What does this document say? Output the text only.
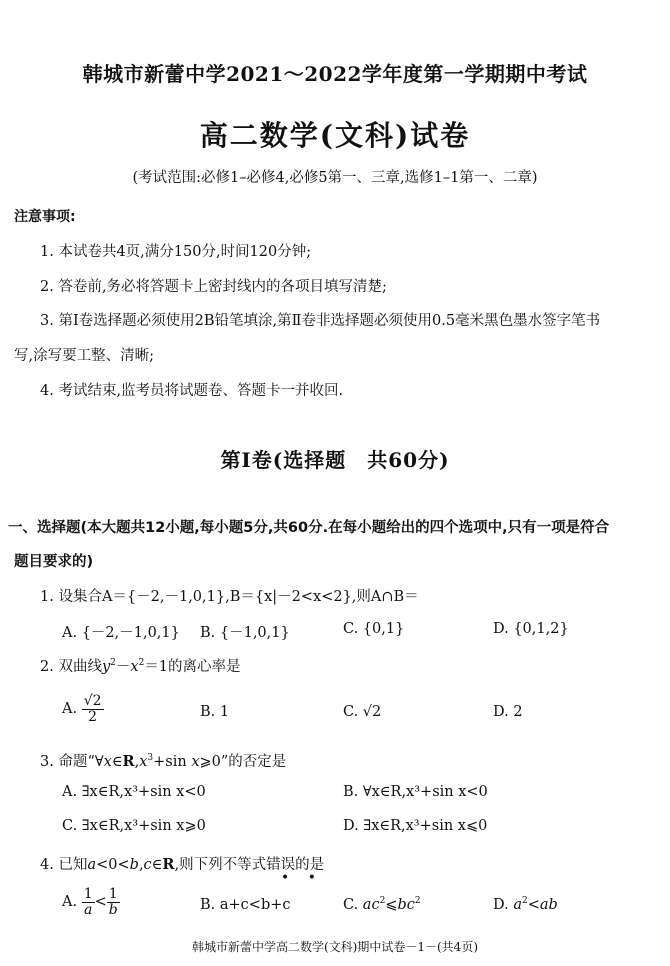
韩城市新蕾中学2021～2022学年度第一学期期中考试
高二数学(文科)试卷
(考试范围:必修1–必修4,必修5第一、三章,选修1–1第一、二章)
注意事项:
1. 本试卷共4页,满分150分,时间120分钟;
2. 答卷前,务必将答题卡上密封线内的各项目填写清楚;
3. 第Ⅰ卷选择题必须使用2B铅笔填涂,第Ⅱ卷非选择题必须使用0.5毫米黑色墨水签字笔书
写,涂写要工整、清晰;
4. 考试结束,监考员将试题卷、答题卡一并收回.
第Ⅰ卷(选择题　共60分)
一、选择题(本大题共12小题,每小题5分,共60分.在每小题给出的四个选项中,只有一项是符合
题目要求的)
1. 设集合A＝{－2,－1,0,1},B＝{x|－2<x<2},则A∩B＝
A. {－2,－1,0,1} B. {－1,0,1}	C. {0,1}	D. {0,1,2}
2. 双曲线$y^2-x^2=1$的离心率是
A. $\frac{√2}{2}$	B. 1	C. √2	D. 2
3. 命题“$\forall x\in R,x^3+\sin$ x⩾0”的否定是
A. ∃x∈R,x³+sin x<0	B. ∀x∈R,x³+sin x<0
C. ∃x∈R,x³+sin x⩾0	D. ∃x∈R,x³+sin x⩽0
4. 已知a<0<b,c∈R,则下列不等式错误的是
• •
A. $\frac{1}{a} < \frac{1}{b}$	B. a+c<b+c	C. $ac^2⩽bc^2$	D. $a^2<ab$
韩城市新蕾中学高二数学(文科)期中试卷－1－(共4页)
